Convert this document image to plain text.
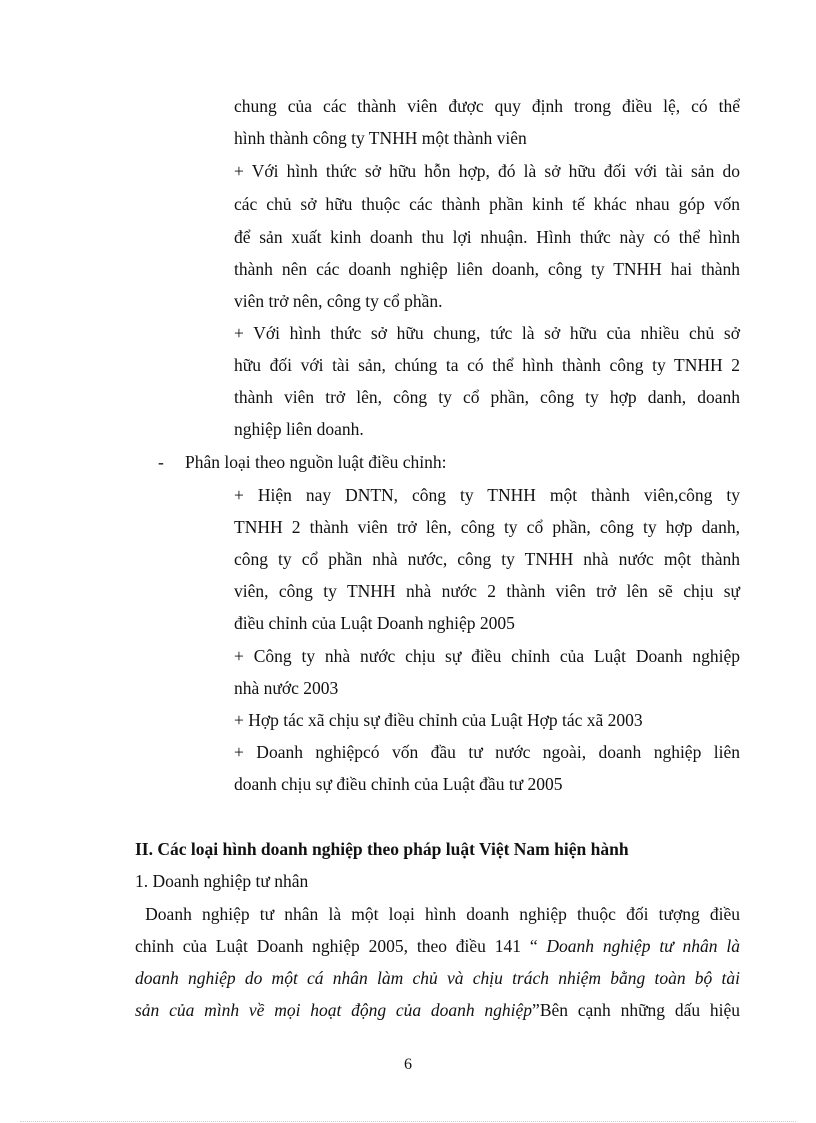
chung của các thành viên được quy định trong điều lệ, có thể
hình thành công ty TNHH một thành viên
+ Với hình thức sở hữu hỗn hợp, đó là sở hữu đối với tài sản do
các chủ sở hữu thuộc các thành phần kinh tế khác nhau góp vốn
để sản xuất kinh doanh thu lợi nhuận. Hình thức này có thể hình
thành nên các doanh nghiệp liên doanh, công ty TNHH hai thành
viên trở nên, công ty cổ phần.
+ Với hình thức sở hữu chung, tức là sở hữu của nhiều chủ sở
hữu đối với tài sản, chúng ta có thể hình thành công ty TNHH 2
thành viên trở lên, công ty cổ phần, công ty hợp danh, doanh
nghiệp liên doanh.
- Phân loại theo nguồn luật điều chỉnh:
+ Hiện nay DNTN, công ty TNHH một thành viên,công ty
TNHH 2 thành viên trở lên, công ty cổ phần, công ty hợp danh,
công ty cổ phần nhà nước, công ty TNHH nhà nước một thành
viên, công ty TNHH nhà nước 2 thành viên trở lên sẽ chịu sự
điều chỉnh của Luật Doanh nghiệp 2005
+ Công ty nhà nước chịu sự điều chỉnh của Luật Doanh nghiệp
nhà nước 2003
+ Hợp tác xã chịu sự điều chỉnh của Luật Hợp tác xã 2003
+ Doanh nghiệpcó vốn đầu tư nước ngoài, doanh nghiệp liên
doanh chịu sự điều chỉnh của Luật đầu tư 2005
II. Các loại hình doanh nghiệp theo pháp luật Việt Nam hiện hành
1. Doanh nghiệp tư nhân
Doanh nghiệp tư nhân là một loại hình doanh nghiệp thuộc đối tượng điều
chỉnh của Luật Doanh nghiệp 2005, theo điều 141 “ Doanh nghiệp tư nhân là
doanh nghiệp do một cá nhân làm chủ và chịu trách nhiệm bằng toàn bộ tài
sản của mình về mọi hoạt động của doanh nghiệp”Bên cạnh những dấu hiệu
6
